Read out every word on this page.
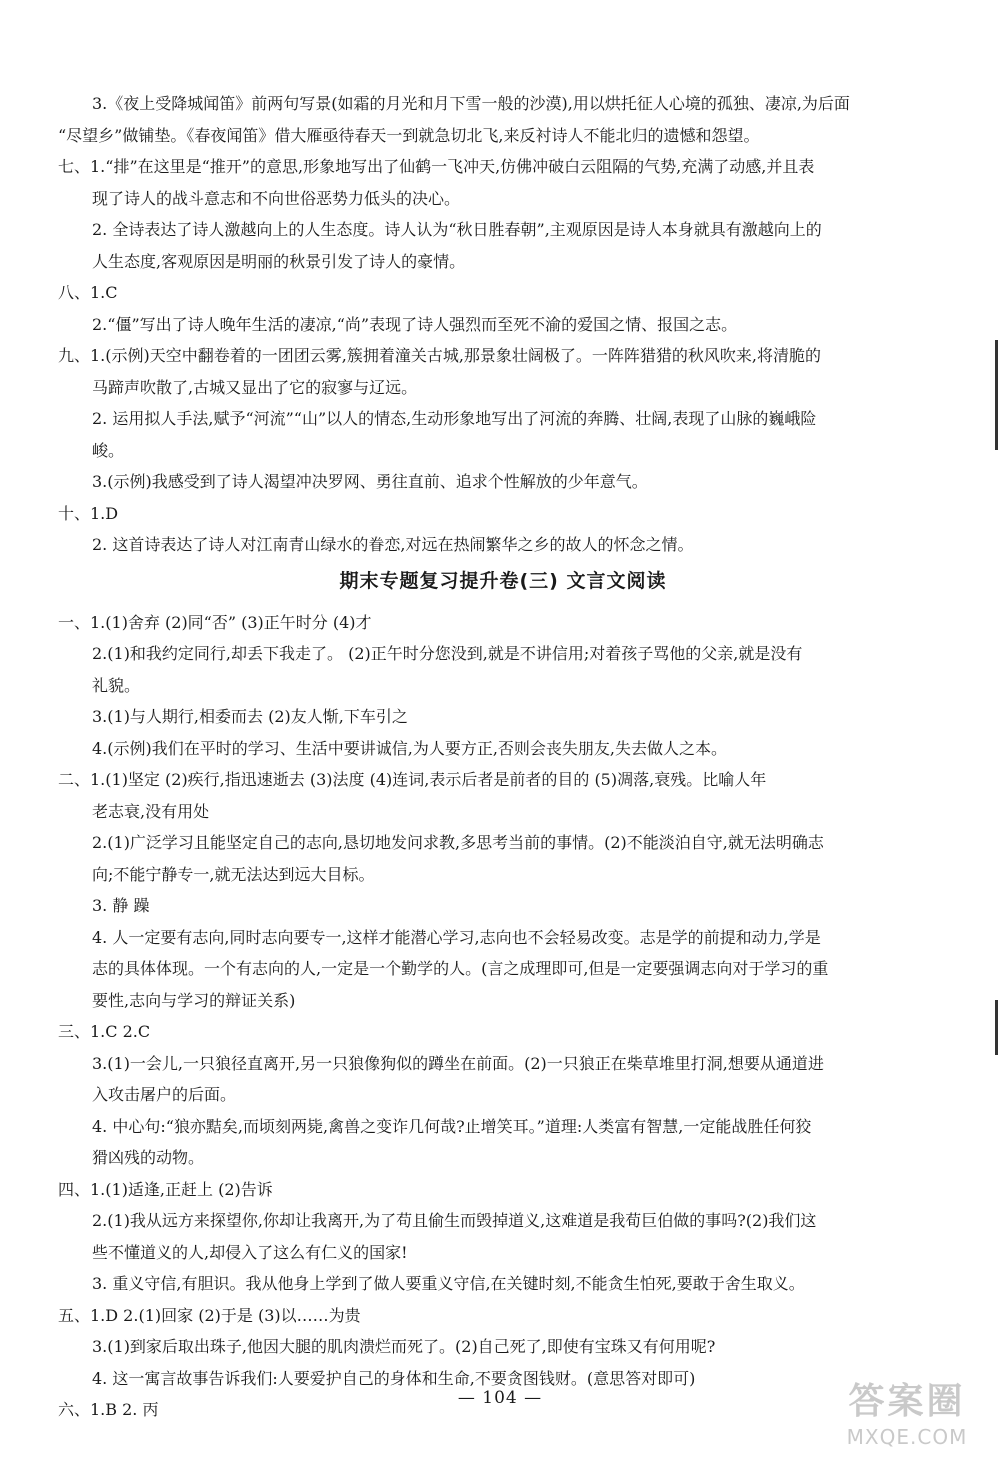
3.《夜上受降城闻笛》前两句写景(如霜的月光和月下雪一般的沙漠),用以烘托征人心境的孤独、凄凉,为后面
“尽望乡”做铺垫。《春夜闻笛》借大雁亟待春天一到就急切北飞,来反衬诗人不能北归的遗憾和怨望。
七、1.“排”在这里是“推开”的意思,形象地写出了仙鹤一飞冲天,仿佛冲破白云阻隔的气势,充满了动感,并且表
现了诗人的战斗意志和不向世俗恶势力低头的决心。
2. 全诗表达了诗人激越向上的人生态度。诗人认为“秋日胜春朝”,主观原因是诗人本身就具有激越向上的
人生态度,客观原因是明丽的秋景引发了诗人的豪情。
八、1.C
2.“僵”写出了诗人晚年生活的凄凉,“尚”表现了诗人强烈而至死不渝的爱国之情、报国之志。
九、1.(示例)天空中翻卷着的一团团云雾,簇拥着潼关古城,那景象壮阔极了。一阵阵猎猎的秋风吹来,将清脆的
马蹄声吹散了,古城又显出了它的寂寥与辽远。
2. 运用拟人手法,赋予“河流”“山”以人的情态,生动形象地写出了河流的奔腾、壮阔,表现了山脉的巍峨险
峻。
3.(示例)我感受到了诗人渴望冲决罗网、勇往直前、追求个性解放的少年意气。
十、1.D
2. 这首诗表达了诗人对江南青山绿水的眷恋,对远在热闹繁华之乡的故人的怀念之情。
期末专题复习提升卷(三) 文言文阅读
一、1.(1)舍弃 (2)同“否” (3)正午时分 (4)才
2.(1)和我约定同行,却丢下我走了。 (2)正午时分您没到,就是不讲信用;对着孩子骂他的父亲,就是没有
礼貌。
3.(1)与人期行,相委而去 (2)友人惭,下车引之
4.(示例)我们在平时的学习、生活中要讲诚信,为人要方正,否则会丧失朋友,失去做人之本。
二、1.(1)坚定 (2)疾行,指迅速逝去 (3)法度 (4)连词,表示后者是前者的目的 (5)凋落,衰残。比喻人年
老志衰,没有用处
2.(1)广泛学习且能坚定自己的志向,恳切地发问求教,多思考当前的事情。(2)不能淡泊自守,就无法明确志
向;不能宁静专一,就无法达到远大目标。
3. 静 躁
4. 人一定要有志向,同时志向要专一,这样才能潜心学习,志向也不会轻易改变。志是学的前提和动力,学是
志的具体体现。一个有志向的人,一定是一个勤学的人。(言之成理即可,但是一定要强调志向对于学习的重
要性,志向与学习的辩证关系)
三、1.C 2.C
3.(1)一会儿,一只狼径直离开,另一只狼像狗似的蹲坐在前面。(2)一只狼正在柴草堆里打洞,想要从通道进
入攻击屠户的后面。
4. 中心句:“狼亦黠矣,而顷刻两毙,禽兽之变诈几何哉?止增笑耳。”道理:人类富有智慧,一定能战胜任何狡
猾凶残的动物。
四、1.(1)适逢,正赶上 (2)告诉
2.(1)我从远方来探望你,你却让我离开,为了苟且偷生而毁掉道义,这难道是我荀巨伯做的事吗?(2)我们这
些不懂道义的人,却侵入了这么有仁义的国家!
3. 重义守信,有胆识。我从他身上学到了做人要重义守信,在关键时刻,不能贪生怕死,要敢于舍生取义。
五、1.D 2.(1)回家 (2)于是 (3)以……为贵
3.(1)到家后取出珠子,他因大腿的肌肉溃烂而死了。(2)自己死了,即使有宝珠又有何用呢?
4. 这一寓言故事告诉我们:人要爱护自己的身体和生命,不要贪图钱财。(意思答对即可)
六、1.B 2. 丙
— 104 —	答案圈
MXQE.COM
